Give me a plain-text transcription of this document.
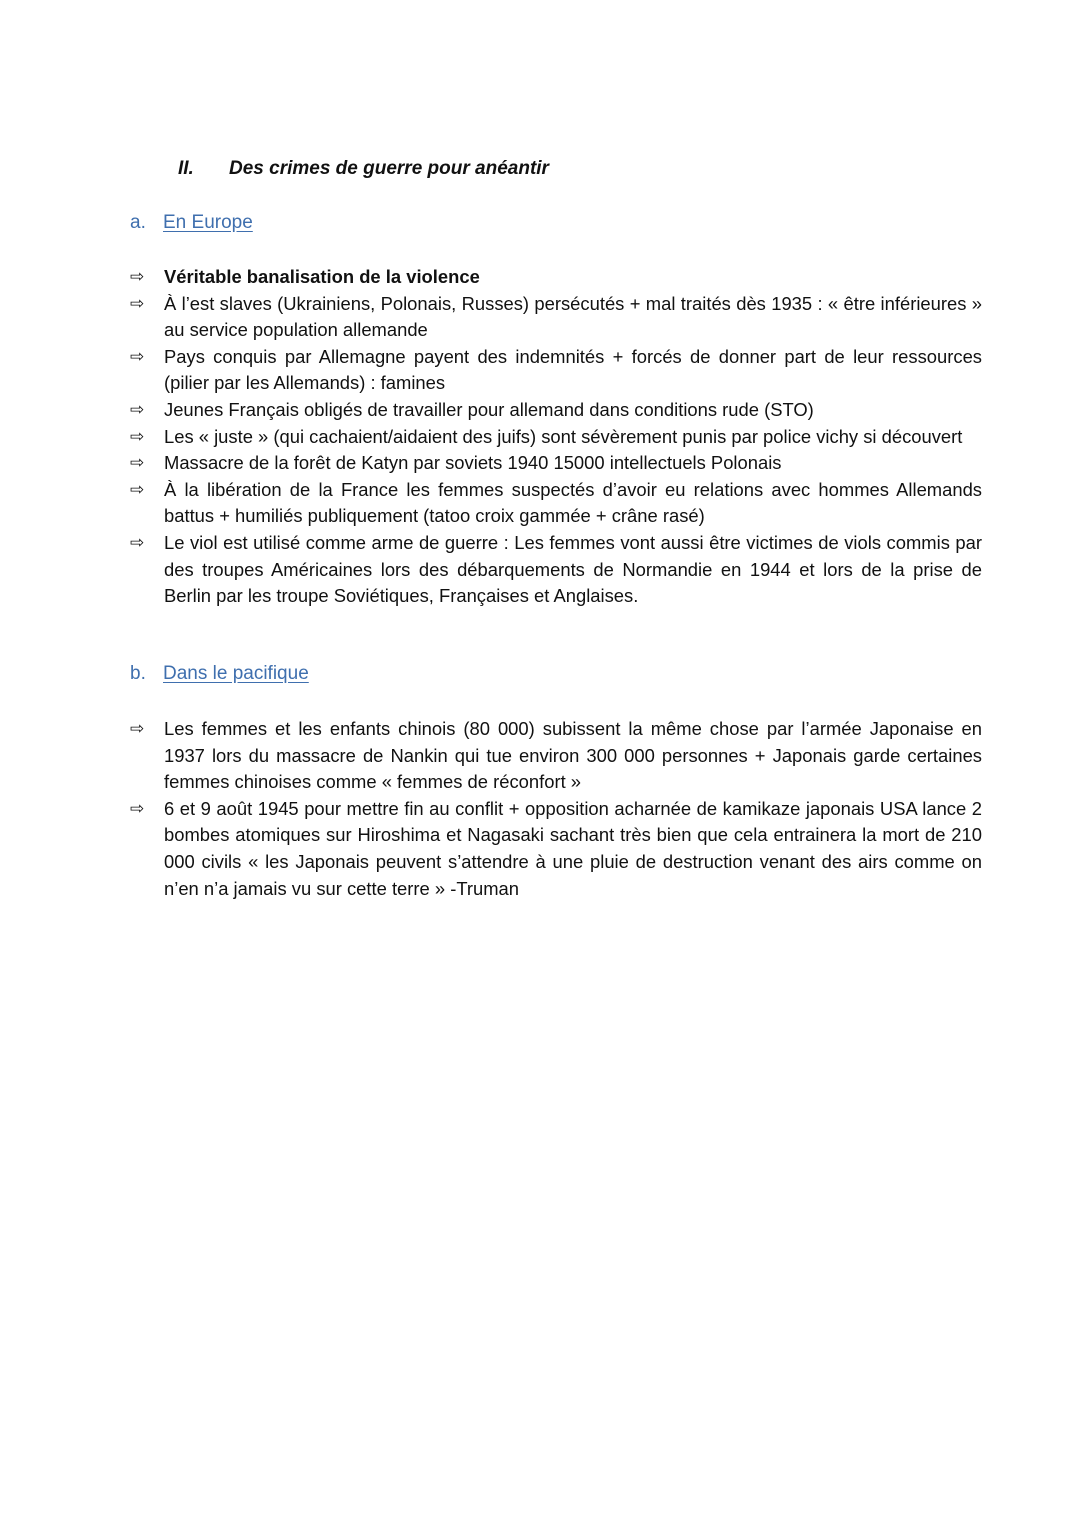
II. Des crimes de guerre pour anéantir
a. En Europe
⇨	Véritable banalisation de la violence
⇨	À l’est slaves (Ukrainiens, Polonais, Russes) persécutés + mal traités dès 1935 : « être inférieures » au service population allemande
⇨	Pays conquis par Allemagne payent des indemnités + forcés de donner part de leur ressources (pilier par les Allemands) : famines
⇨	Jeunes Français obligés de travailler pour allemand dans conditions rude (STO)
⇨	Les « juste » (qui cachaient/aidaient des juifs) sont sévèrement punis par police vichy si découvert
⇨	Massacre de la forêt de Katyn par soviets 1940 15000 intellectuels Polonais
⇨	À la libération de la France les femmes suspectés d’avoir eu relations avec hommes Allemands battus + humiliés publiquement (tatoo croix gammée + crâne rasé)
⇨	Le viol est utilisé comme arme de guerre : Les femmes vont aussi être victimes de viols commis par des troupes Américaines lors des débarquements de Normandie en 1944 et lors de la prise de Berlin par les troupe Soviétiques, Françaises et Anglaises.
b. Dans le pacifique
⇨	Les femmes et les enfants chinois (80 000) subissent la même chose par l’armée Japonaise en 1937 lors du massacre de Nankin qui tue environ 300 000 personnes + Japonais garde certaines femmes chinoises comme « femmes de réconfort »
⇨	6 et 9 août 1945 pour mettre fin au conflit + opposition acharnée de kamikaze japonais USA lance 2 bombes atomiques sur Hiroshima et Nagasaki sachant très bien que cela entrainera la mort de 210 000 civils « les Japonais peuvent s’attendre à une pluie de destruction venant des airs comme on n’en n’a jamais vu sur cette terre » -Truman
